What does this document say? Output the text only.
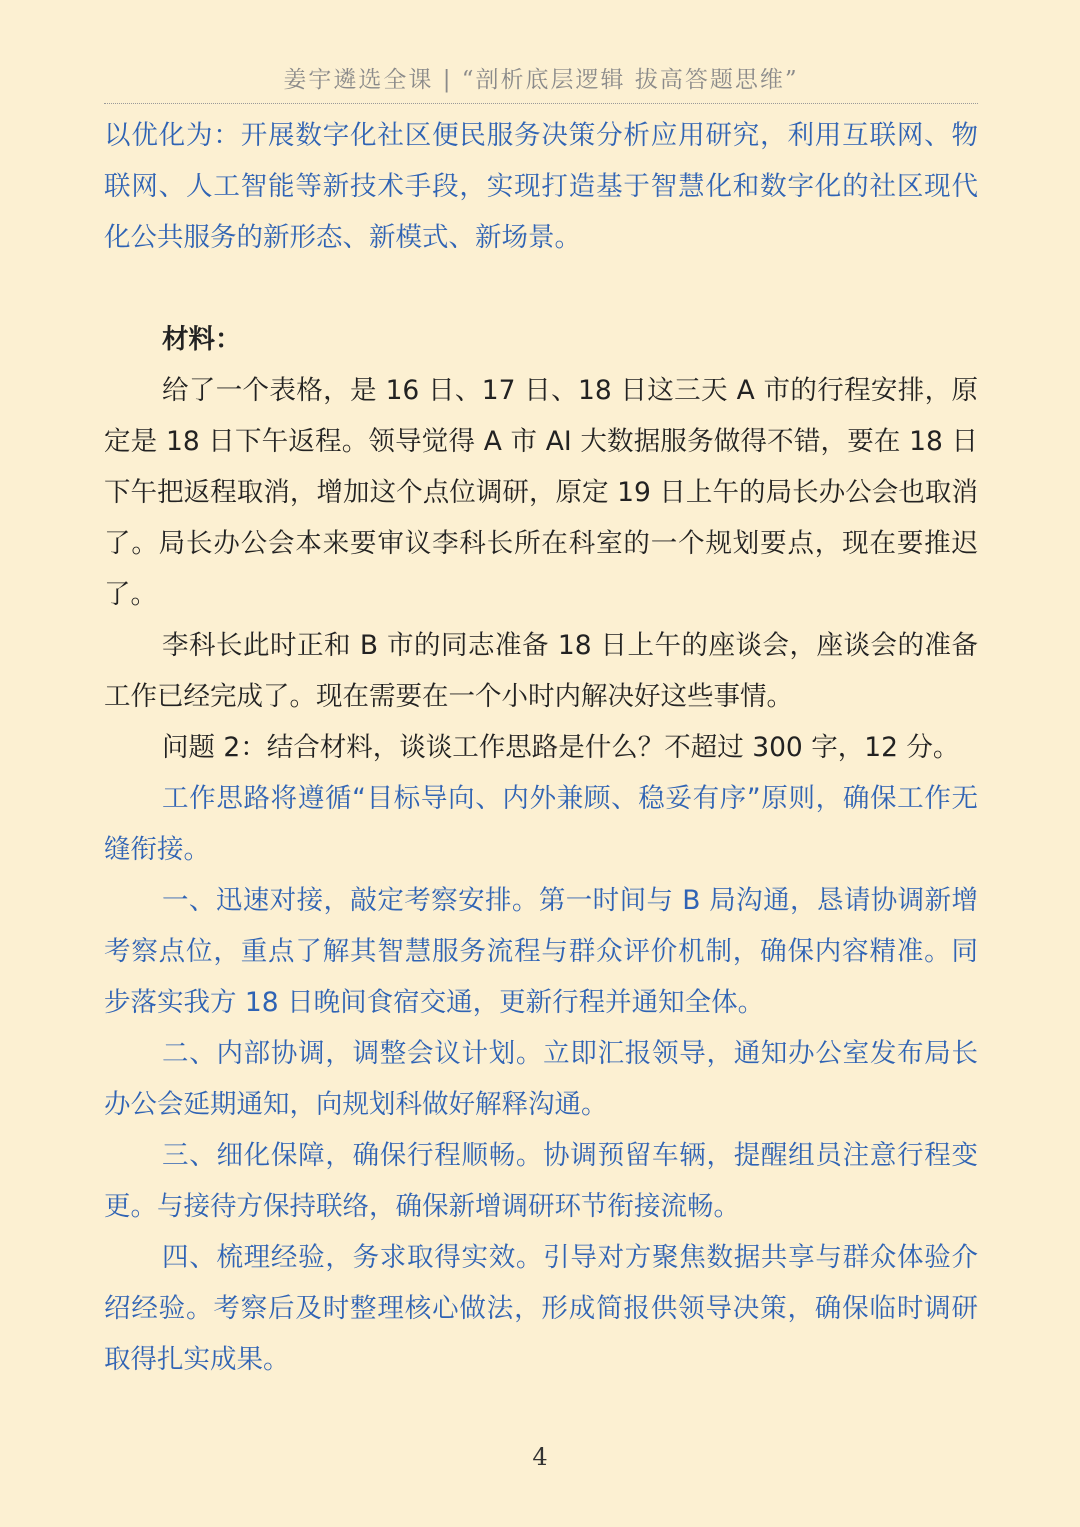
姜宇遴选全课 | “剖析底层逻辑 拔高答题思维”

以优化为：开展数字化社区便民服务决策分析应用研究，利用互联网、物联网、人工智能等新技术手段，实现打造基于智慧化和数字化的社区现代化公共服务的新形态、新模式、新场景。

材料：

给了一个表格，是 16 日、17 日、18 日这三天 A 市的行程安排，原定是 18 日下午返程。领导觉得 A 市 AI 大数据服务做得不错，要在 18 日下午把返程取消，增加这个点位调研，原定 19 日上午的局长办公会也取消了。局长办公会本来要审议李科长所在科室的一个规划要点，现在要推迟了。

李科长此时正和 B 市的同志准备 18 日上午的座谈会，座谈会的准备工作已经完成了。现在需要在一个小时内解决好这些事情。

问题 2：结合材料，谈谈工作思路是什么？不超过 300 字，12 分。

工作思路将遵循“目标导向、内外兼顾、稳妥有序”原则，确保工作无缝衔接。

一、迅速对接，敲定考察安排。第一时间与 B 局沟通，恳请协调新增考察点位，重点了解其智慧服务流程与群众评价机制，确保内容精准。同步落实我方 18 日晚间食宿交通，更新行程并通知全体。

二、内部协调，调整会议计划。立即汇报领导，通知办公室发布局长办公会延期通知，向规划科做好解释沟通。

三、细化保障，确保行程顺畅。协调预留车辆，提醒组员注意行程变更。与接待方保持联络，确保新增调研环节衔接流畅。

四、梳理经验，务求取得实效。引导对方聚焦数据共享与群众体验介绍经验。考察后及时整理核心做法，形成简报供领导决策，确保临时调研取得扎实成果。

4
